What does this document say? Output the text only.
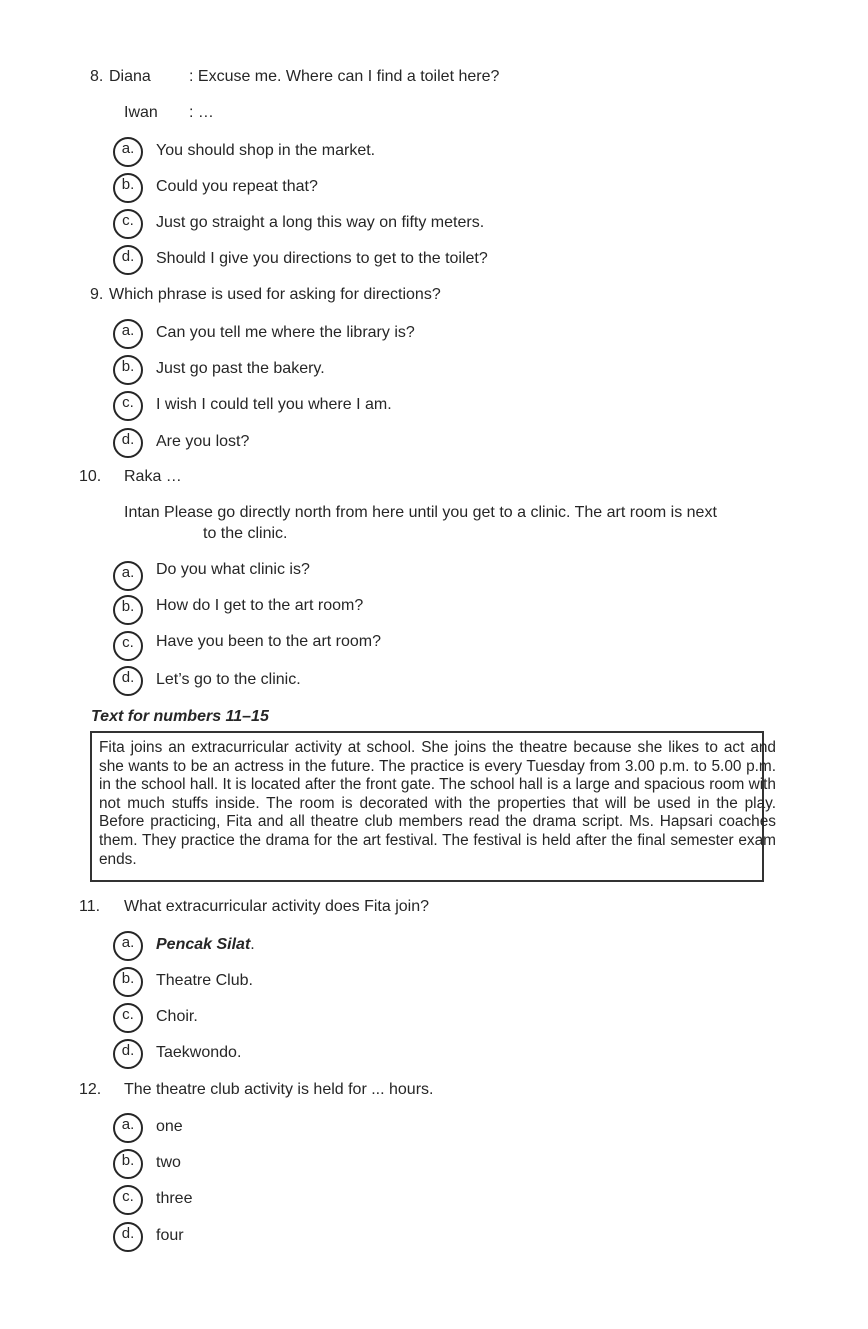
8. Diana : Excuse me. Where can I find a toilet here?
Iwan : …
a.	You should shop in the market.
b.	Could you repeat that?
c.	Just go straight a long this way on fifty meters.
d.	Should I give you directions to get to the toilet?
9. Which phrase is used for asking for directions?
a.	Can you tell me where the library is?
b.	Just go past the bakery.
c.	I wish I could tell you where I am.
d.	Are you lost?
10. Raka …
Intan Please go directly north from here until you get to a clinic. The art room is next
to the clinic.
a.	Do you what clinic is?
b.	How do I get to the art room?
c.	Have you been to the art room?
d.	Let’s go to the clinic.
Text for numbers 11–15

Fita joins an extracurricular activity at school. She joins the theatre because she likes to act and she wants to be an actress in the future. The practice is every Tuesday from 3.00 p.m. to 5.00 p.m. in the school hall. It is located after the front gate. The school hall is a large and spacious room with not much stuffs inside. The room is decorated with the properties that will be used in the play. Before practicing, Fita and all theatre club members read the drama script. Ms. Hapsari coaches them. They practice the drama for the art festival. The festival is held after the final semester exam ends.

11. What extracurricular activity does Fita join?
a.	Pencak Silat.
b.	Theatre Club.
c.	Choir.
d.	Taekwondo.
12. The theatre club activity is held for ... hours.
a.	one
b.	two
c.	three
d.	four
